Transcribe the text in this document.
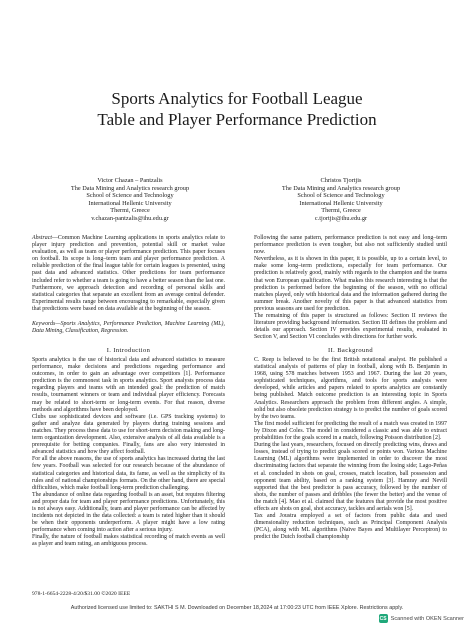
Sports Analytics for Football League
Table and Player Performance Prediction
Victor Chazan – Pantzalis
The Data Mining and Analytics research group
School of Science and Technology
International Hellenic University
Thermi, Greece
v.chazan-pantzalis@ihu.edu.gr
Christos Tjortjis
The Data Mining and Analytics research group
School of Science and Technology
International Hellenic University
Thermi, Greece
c.tjortjis@ihu.edu.gr

Abstract—Common Machine Learning applications in sports analytics relate to player injury prediction and prevention, potential skill or market value evaluation, as well as team or player performance prediction. This paper focuses on football. Its scope is long–term team and player performance prediction. A reliable prediction of the final league table for certain leagues is presented, using past data and advanced statistics. Other predictions for team performance included refer to whether a team is going to have a better season than the last one. Furthermore, we approach detection and recording of personal skills and statistical categories that separate an excellent from an average central defender. Experimental results range between encouraging to remarkable, especially given that predictions were based on data available at the beginning of the season.

Keywords—Sports Analytics, Performance Prediction, Machine Learning (ML), Data Mining, Classification, Regression.

I. Introduction

Sports analytics is the use of historical data and advanced statistics to measure performance, make decisions and predictions regarding performance and outcomes, in order to gain an advantage over competitors [1]. Performance prediction is the commonest task in sports analytics. Sport analysts process data regarding players and teams with an intended goal: the prediction of match results, tournament winners or team and individual player efficiency. Forecasts may be related to short-term or long-term events. For that reason, diverse methods and algorithms have been deployed.

Clubs use sophisticated devices and software (i.e. GPS tracking systems) to gather and analyze data generated by players during training sessions and matches. They process these data to use for short-term decision making and long-term organization development. Also, extensive analysis of all data available is a prerequisite for betting companies. Finally, fans are also very interested in advanced statistics and how they affect football.

For all the above reasons, the use of sports analytics has increased during the last few years. Football was selected for our research because of the abundance of statistical categories and historical data, its fame, as well as the simplicity of its rules and of national championships formats. On the other hand, there are special difficulties, which make football long-term prediction challenging.

The abundance of online data regarding football is an asset, but requires filtering and proper data for team and player performance predictions. Unfortunately, this is not always easy. Additionally, team and player performance can be affected by incidents not depicted in the data collected: a team is rated higher than it should be when their opponents underperform. A player might have a low rating performance when coming into action after a serious injury.

Finally, the nature of football makes statistical recording of match events as well as player and team rating, an ambiguous process.

Following the same pattern, performance prediction is not easy and long–term performance prediction is even tougher, but also not sufficiently studied until now.

Nevertheless, as it is shown in this paper, it is possible, up to a certain level, to make some long–term predictions, especially for team performance. Our prediction is relatively good, mainly with regards to the champion and the teams that won European qualification. What makes this research interesting is that the prediction is performed before the beginning of the season, with no official matches played, only with historical data and the information gathered during the summer break. Another novelty of this paper is that advanced statistics from previous seasons are used for prediction.

The remaining of this paper is structured as follows: Section II reviews the literature providing background information. Section III defines the problem and details our approach. Section IV provides experimental results, evaluated in Section V, and Section VI concludes with directions for further work.

II. Background

C. Reep is believed to be the first British notational analyst. He published a statistical analysis of patterns of play in football, along with B. Benjamin in 1968, using 578 matches between 1953 and 1967. During the last 20 years, sophisticated techniques, algorithms, and tools for sports analysis were developed, while articles and papers related to sports analytics are constantly being published. Match outcome prediction is an interesting topic in Sports Analytics. Researchers approach the problem from different angles. A simple, solid but also obsolete prediction strategy is to predict the number of goals scored by the two teams.

The first model sufficient for predicting the result of a match was created in 1997 by Dixon and Coles. The model in considered a classic and was able to extract probabilities for the goals scored in a match, following Poisson distribution [2].

During the last years, researchers, focused on directly predicting wins, draws and losses, instead of trying to predict goals scored or points won. Various Machine Learning (ML) algorithms were implemented in order to discover the most discriminating factors that separate the winning from the losing side; Lago-Peñas et al. concluded in shots on goal, crosses, match location, ball possession and opponent team ability, based on a ranking system [3]. Hamray and Nevill supported that the best predictor is pass accuracy, followed by the number of shots, the number of passes and dribbles (the fewer the better) and the venue of the match [4]. Mao et al. claimed that the features that provide the most positive effects are shots on goal, shot accuracy, tackles and aerials won [5].

Tax and Joustra employed a set of factors from public data and used dimensionality reduction techniques, such as Principal Component Analysis (PCA), along with ML algorithms (Naïve Bayes and Multilayer Perceptron) to predict the Dutch football championship

978-1-6654-2228-4/20/$31.00 ©2020 IEEE
Authorized licensed use limited to: SAKTHI S M. Downloaded on December 18,2024 at 17:00:23 UTC from IEEE Xplore. Restrictions apply.
CS Scanned with OKEN Scanner
